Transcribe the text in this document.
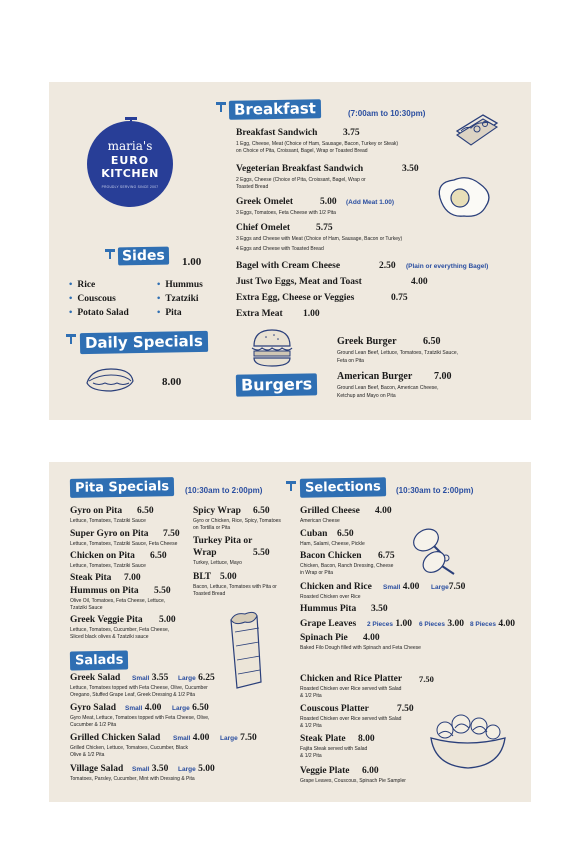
maria's
EURO
KITCHEN
PROUDLY SERVING SINCE 2007
Breakfast	(7:00am to 10:30pm)
Breakfast Sandwich	3.75
1 Egg, Cheese, Meat (Choice of Ham, Sausage, Bacon, Turkey or Steak)
on Choice of Pita, Croissant, Bagel, Wrap or Toasted Bread
Vegeterian Breakfast Sandwich	3.50
2 Eggs, Cheese (Choice of Pita, Croissant, Bagel, Wrap or
Toasted Bread
Greek Omelet	5.00 (Add Meat 1.00)
3 Eggs, Tomatoes, Feta Cheese with 1/2 Pita
Chief Omelet	5.75
3 Eggs and Cheese with Meat (Choice of Ham, Sausage, Bacon or Turkey)
4 Eggs and Cheese with Toasted Bread
Bagel with Cream Cheese	2.50 (Plain or everything Bagel)
Just Two Eggs, Meat and Toast	4.00
Extra Egg, Cheese or Veggies	0.75
Extra Meat 1.00
Sides	1.00
• Rice
• Couscous
• Potato Salad
• Hummus
• Tzatziki
• Pita
Daily Specials
8.00	Burgers
Greek Burger	6.50
Ground Lean Beef, Lettuce, Tomatoes, Tzatziki Sauce,
Feta on Pita
American Burger 7.00
Ground Lean Beef, Bacon, American Cheese,
Ketchup and Mayo on Pita
Pita Specials	(10:30am to 2:00pm)
Gyro on Pita 6.50
Lettuce, Tomatoes, Tzatziki Sauce
Super Gyro on Pita 7.50
Lettuce, Tomatoes, Tzatziki Sauce, Feta Cheese
Chicken on Pita 6.50
Lettuce, Tomatoes, Tzatziki Sauce
Steak Pita 7.00
Hummus on Pita 5.50
Olive Oil, Tomatoes, Feta Cheese, Lettuce,
Tzatziki Sauce
Greek Veggie Pita 5.00
Lettuce, Tomatoes, Cucumber, Feta Cheese,
Sliced black olives & Tzatziki sauce
Spicy Wrap 6.50
Gyro or Chicken, Rice, Spicy, Tomatoes
on Tortilla or Pita
Turkey Pita or
Wrap	5.50
Turkey, Lettuce, Mayo
BLT 5.00
Bacon, Lettuce, Tomatoes with Pita or
Toasted Bread
Salads
Greek Salad Small 3.55 Large 6.25
Lettuce, Tomatoes topped with Feta Cheese, Olive, Cucumber
Oregano, Stuffed Grape Leaf, Greek Dressing & 1/2 Pita
Gyro Salad Small 4.00 Large 6.50
Gyro Meat, Lettuce, Tomatoes topped with Feta Cheese, Olive,
Cucumber & 1/2 Pita
Grilled Chicken Salad Small 4.00 Large 7.50
Grilled Chicken, Lettuce, Tomatoes, Cucumber, Black
Olive & 1/2 Pita
Village Salad Small 3.50 Large 5.00
Tomatoes, Parsley, Cucumber, Mint with Dressing & Pita
Selections	(10:30am to 2:00pm)
Grilled Cheese 4.00
American Cheese
Cuban 6.50
Ham, Salami, Cheese, Pickle
Bacon Chicken 6.75
Chicken, Bacon, Ranch Dressing, Cheese
in Wrap or Pita
Chicken and Rice Small 4.00 Large7.50
Roasted Chicken over Rice
Hummus Pita 3.50
Grape Leaves 2 Pieces 1.00 6 Pieces 3.00 8 Pieces 4.00
Spinach Pie 4.00
Baked Filo Dough filled with Spinach and Feta Cheese
Chicken and Rice Platter 7.50
Roasted Chicken over Rice served with Salad
& 1/2 Pita
Couscous Platter	7.50
Roasted Chicken over Rice served with Salad
& 1/2 Pita
Steak Plate 8.00
Fajita Steak served with Salad
& 1/2 Pita
Veggie Plate 6.00
Grape Leaves, Couscous, Spinach Pie Sampler
